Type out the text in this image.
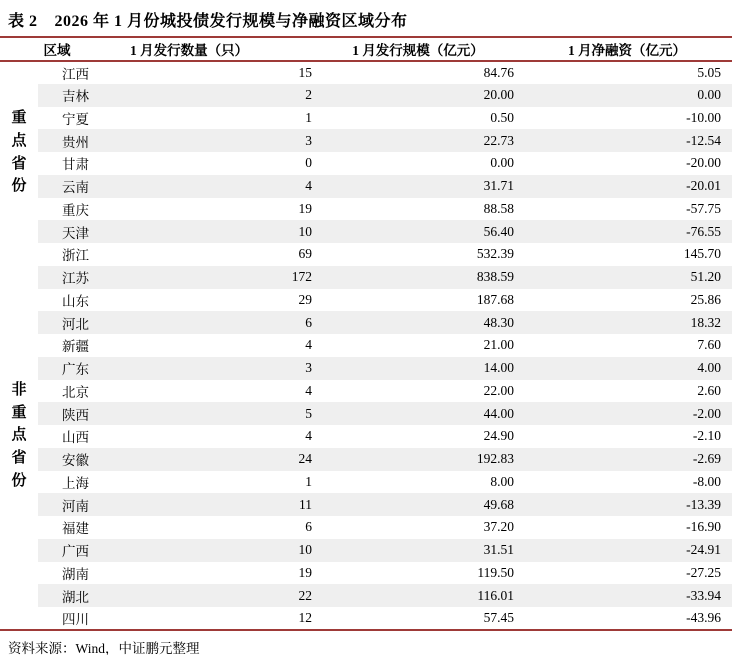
表 2 2026 年 1 月份城投债发行规模与净融资区域分布
区域		1 月发行数量（只）	1 月发行规模（亿元）	1 月净融资（亿元）

重
点
省
份	江西	15	84.76	5.05
	吉林	2	20.00	0.00
	宁夏	1	0.50	-10.00
	贵州	3	22.73	-12.54
	甘肃	0	0.00	-20.00
	云南	4	31.71	-20.01
	重庆	19	88.58	-57.75
	天津	10	56.40	-76.55

非
重
点
省
份	浙江	69	532.39	145.70
	江苏	172	838.59	51.20
	山东	29	187.68	25.86
	河北	6	48.30	18.32
	新疆	4	21.00	7.60
	广东	3	14.00	4.00
	北京	4	22.00	2.60
	陕西	5	44.00	-2.00
	山西	4	24.90	-2.10
	安徽	24	192.83	-2.69
	上海	1	8.00	-8.00
	河南	11	49.68	-13.39
	福建	6	37.20	-16.90
	广西	10	31.51	-24.91
	湖南	19	119.50	-27.25
	湖北	22	116.01	-33.94
	四川	12	57.45	-43.96
资料来源：Wind，中证鹏元整理
